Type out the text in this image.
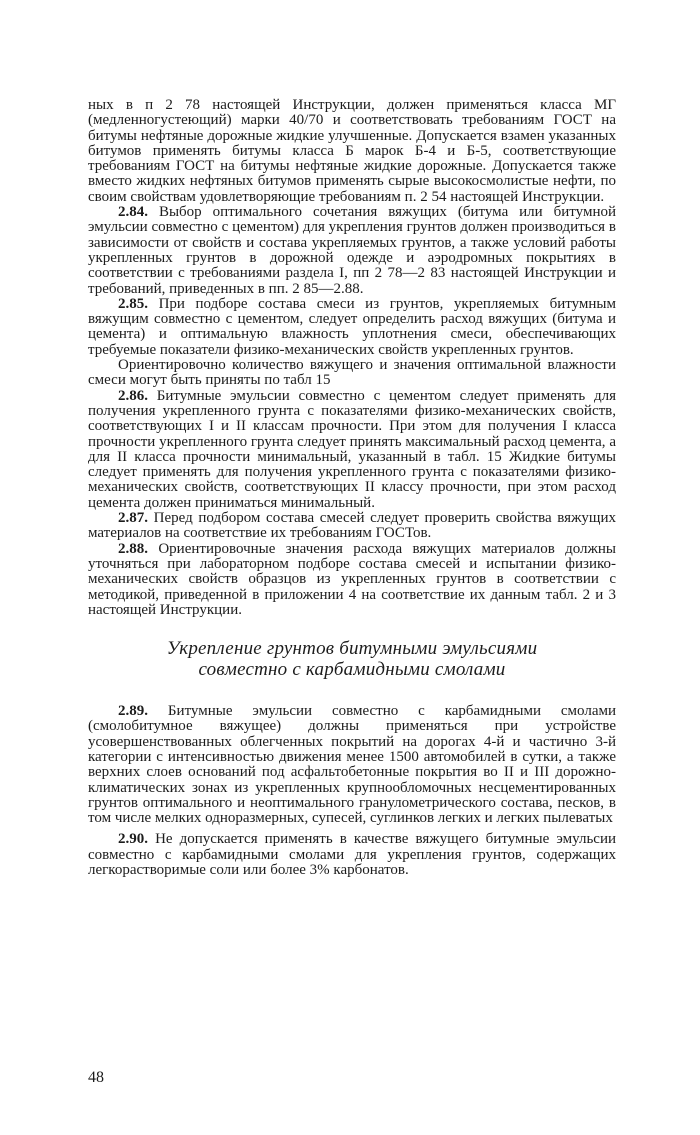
ных в п 2 78 настоящей Инструкции, должен применяться класса МГ (медленногустеющий) марки 40/70 и соответствовать требованиям ГОСТ на битумы нефтяные дорожные жидкие улучшенные. Допускается взамен указанных битумов применять битумы класса Б марок Б-4 и Б-5, соответствующие требованиям ГОСТ на битумы нефтяные жидкие дорожные. Допускается также вместо жидких нефтяных битумов применять сырые высокосмолистые нефти, по своим свойствам удовлетворяющие требованиям п. 2 54 настоящей Инструкции.

2.84. Выбор оптимального сочетания вяжущих (битума или битумной эмульсии совместно с цементом) для укрепления грунтов должен производиться в зависимости от свойств и состава укрепляемых грунтов, а также условий работы укрепленных грунтов в дорожной одежде и аэродромных покрытиях в соответствии с требованиями раздела I, пп 2 78—2 83 настоящей Инструкции и требований, приведенных в пп. 2 85—2.88.

2.85. При подборе состава смеси из грунтов, укрепляемых битумным вяжущим совместно с цементом, следует определить расход вяжущих (битума и цемента) и оптимальную влажность уплотнения смеси, обеспечивающих требуемые показатели физико-механических свойств укрепленных грунтов.

Ориентировочно количество вяжущего и значения оптимальной влажности смеси могут быть приняты по табл 15

2.86. Битумные эмульсии совместно с цементом следует применять для получения укрепленного грунта с показателями физико-механических свойств, соответствующих I и II классам прочности. При этом для получения I класса прочности укрепленного грунта следует принять максимальный расход цемента, а для II класса прочности минимальный, указанный в табл. 15 Жидкие битумы следует применять для получения укрепленного грунта с показателями физико-механических свойств, соответствующих II классу прочности, при этом расход цемента должен приниматься минимальный.

2.87. Перед подбором состава смесей следует проверить свойства вяжущих материалов на соответствие их требованиям ГОСТов.

2.88. Ориентировочные значения расхода вяжущих материалов должны уточняться при лабораторном подборе состава смесей и испытании физико-механических свойств образцов из укрепленных грунтов в соответствии с методикой, приведенной в приложении 4 на соответствие их данным табл. 2 и 3 настоящей Инструкции.

Укрепление грунтов битумными эмульсиями
совместно с карбамидными смолами

2.89. Битумные эмульсии совместно с карбамидными смолами (смолобитумное вяжущее) должны применяться при устройстве усовершенствованных облегченных покрытий на дорогах 4-й и частично 3-й категории с интенсивностью движения менее 1500 автомобилей в сутки, а также верхних слоев оснований под асфальтобетонные покрытия во II и III дорожно-климатических зонах из укрепленных крупнообломочных несцементированных грунтов оптимального и неоптимального гранулометрического состава, песков, в том числе мелких одноразмерных, супесей, суглинков легких и легких пылеватых

2.90. Не допускается применять в качестве вяжущего битумные эмульсии совместно с карбамидными смолами для укрепления грунтов, содержащих легкорастворимые соли или более 3% карбонатов.

48
